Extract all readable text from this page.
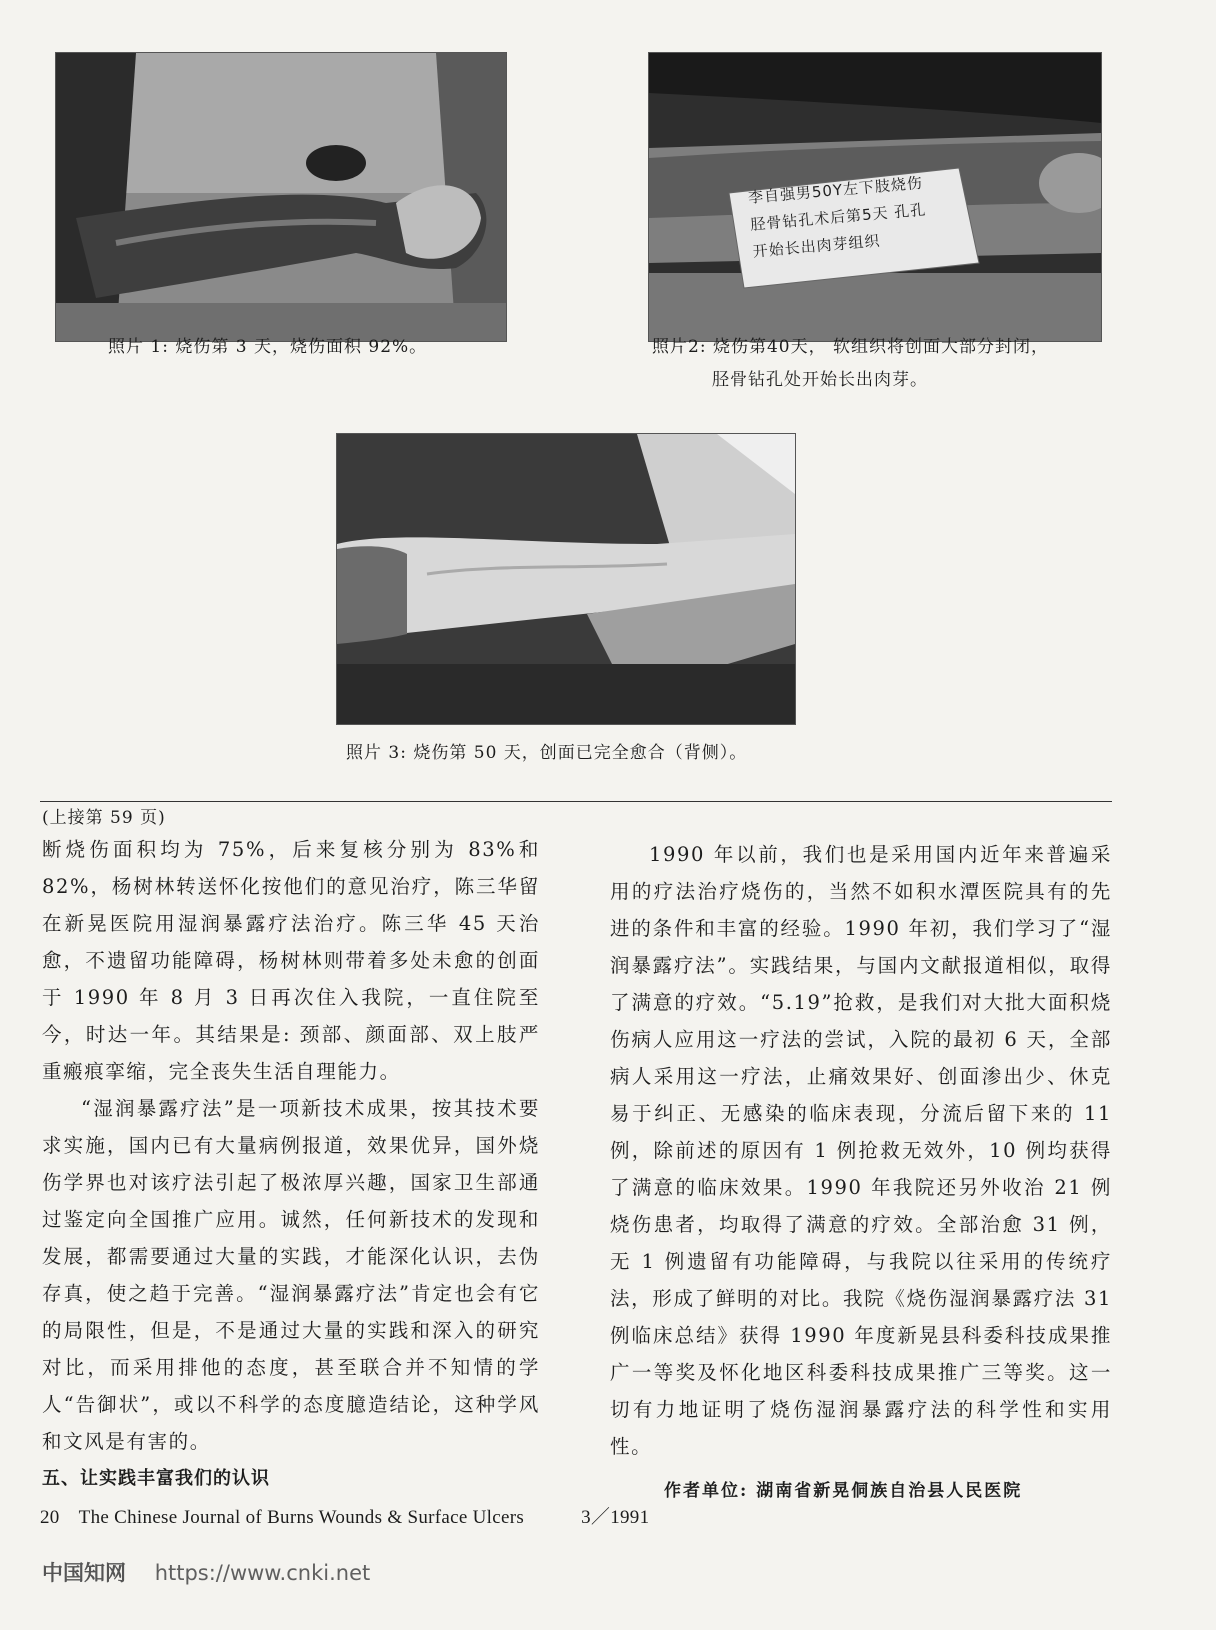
照片 1: 烧伤第 3 天，烧伤面积 92%。
李自强男50Y左下肢烧伤
胫骨钻孔术后第5天 孔孔
开始长出肉芽组织
照片2: 烧伤第40天， 软组织将创面大部分封闭，
胫骨钻孔处开始长出肉芽。
照片 3: 烧伤第 50 天，创面已完全愈合（背侧）。

(上接第 59 页)

断烧伤面积均为 75%，后来复核分别为 83%和 82%，杨树林转送怀化按他们的意见治疗，陈三华留在新晃医院用湿润暴露疗法治疗。陈三华 45 天治愈，不遗留功能障碍，杨树林则带着多处未愈的创面于 1990 年 8 月 3 日再次住入我院，一直住院至今，时达一年。其结果是: 颈部、颜面部、双上肢严重瘢痕挛缩，完全丧失生活自理能力。

“湿润暴露疗法”是一项新技术成果，按其技术要求实施，国内已有大量病例报道，效果优异，国外烧伤学界也对该疗法引起了极浓厚兴趣，国家卫生部通过鉴定向全国推广应用。诚然，任何新技术的发现和发展，都需要通过大量的实践，才能深化认识，去伪存真，使之趋于完善。“湿润暴露疗法”肯定也会有它的局限性，但是，不是通过大量的实践和深入的研究对比，而采用排他的态度，甚至联合并不知情的学人“告御状”，或以不科学的态度臆造结论，这种学风和文风是有害的。

五、让实践丰富我们的认识

1990 年以前，我们也是采用国内近年来普遍采用的疗法治疗烧伤的，当然不如积水潭医院具有的先进的条件和丰富的经验。1990 年初，我们学习了“湿润暴露疗法”。实践结果，与国内文献报道相似，取得了满意的疗效。“5.19”抢救，是我们对大批大面积烧伤病人应用这一疗法的尝试，入院的最初 6 天，全部病人采用这一疗法，止痛效果好、创面渗出少、休克易于纠正、无感染的临床表现，分流后留下来的 11 例，除前述的原因有 1 例抢救无效外，10 例均获得了满意的临床效果。1990 年我院还另外收治 21 例烧伤患者，均取得了满意的疗效。全部治愈 31 例，无 1 例遗留有功能障碍，与我院以往采用的传统疗法，形成了鲜明的对比。我院《烧伤湿润暴露疗法 31 例临床总结》获得 1990 年度新晃县科委科技成果推广一等奖及怀化地区科委科技成果推广三等奖。这一切有力地证明了烧伤湿润暴露疗法的科学性和实用性。

作者单位: 湖南省新晃侗族自治县人民医院
20 The Chinese Journal of Burns Wounds & Surface Ulcers	3／1991
中国知网 https://www.cnki.net
